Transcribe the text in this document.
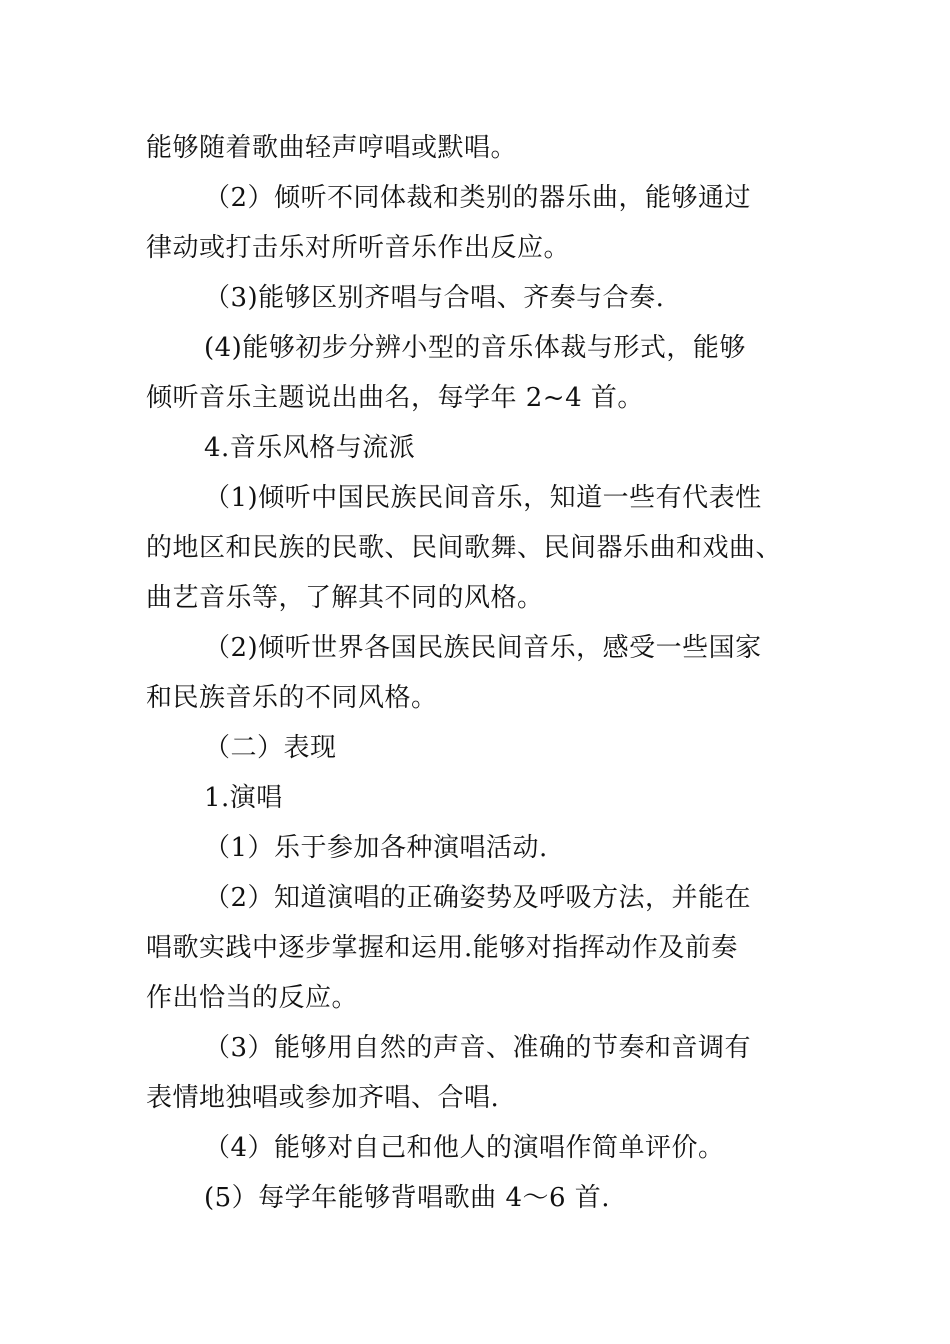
能够随着歌曲轻声哼唱或默唱。
（2）倾听不同体裁和类别的器乐曲，能够通过
律动或打击乐对所听音乐作出反应。
（3)能够区别齐唱与合唱、齐奏与合奏.
(4)能够初步分辨小型的音乐体裁与形式，能够
倾听音乐主题说出曲名，每学年 2~4 首。
4.音乐风格与流派
（1)倾听中国民族民间音乐，知道一些有代表性
的地区和民族的民歌、民间歌舞、民间器乐曲和戏曲、
曲艺音乐等，了解其不同的风格。
（2)倾听世界各国民族民间音乐，感受一些国家
和民族音乐的不同风格。
（二）表现
1.演唱
（1）乐于参加各种演唱活动.
（2）知道演唱的正确姿势及呼吸方法，并能在
唱歌实践中逐步掌握和运用.能够对指挥动作及前奏
作出恰当的反应。
（3）能够用自然的声音、准确的节奏和音调有
表情地独唱或参加齐唱、合唱.
（4）能够对自己和他人的演唱作简单评价。
(5）每学年能够背唱歌曲 4～6 首.
